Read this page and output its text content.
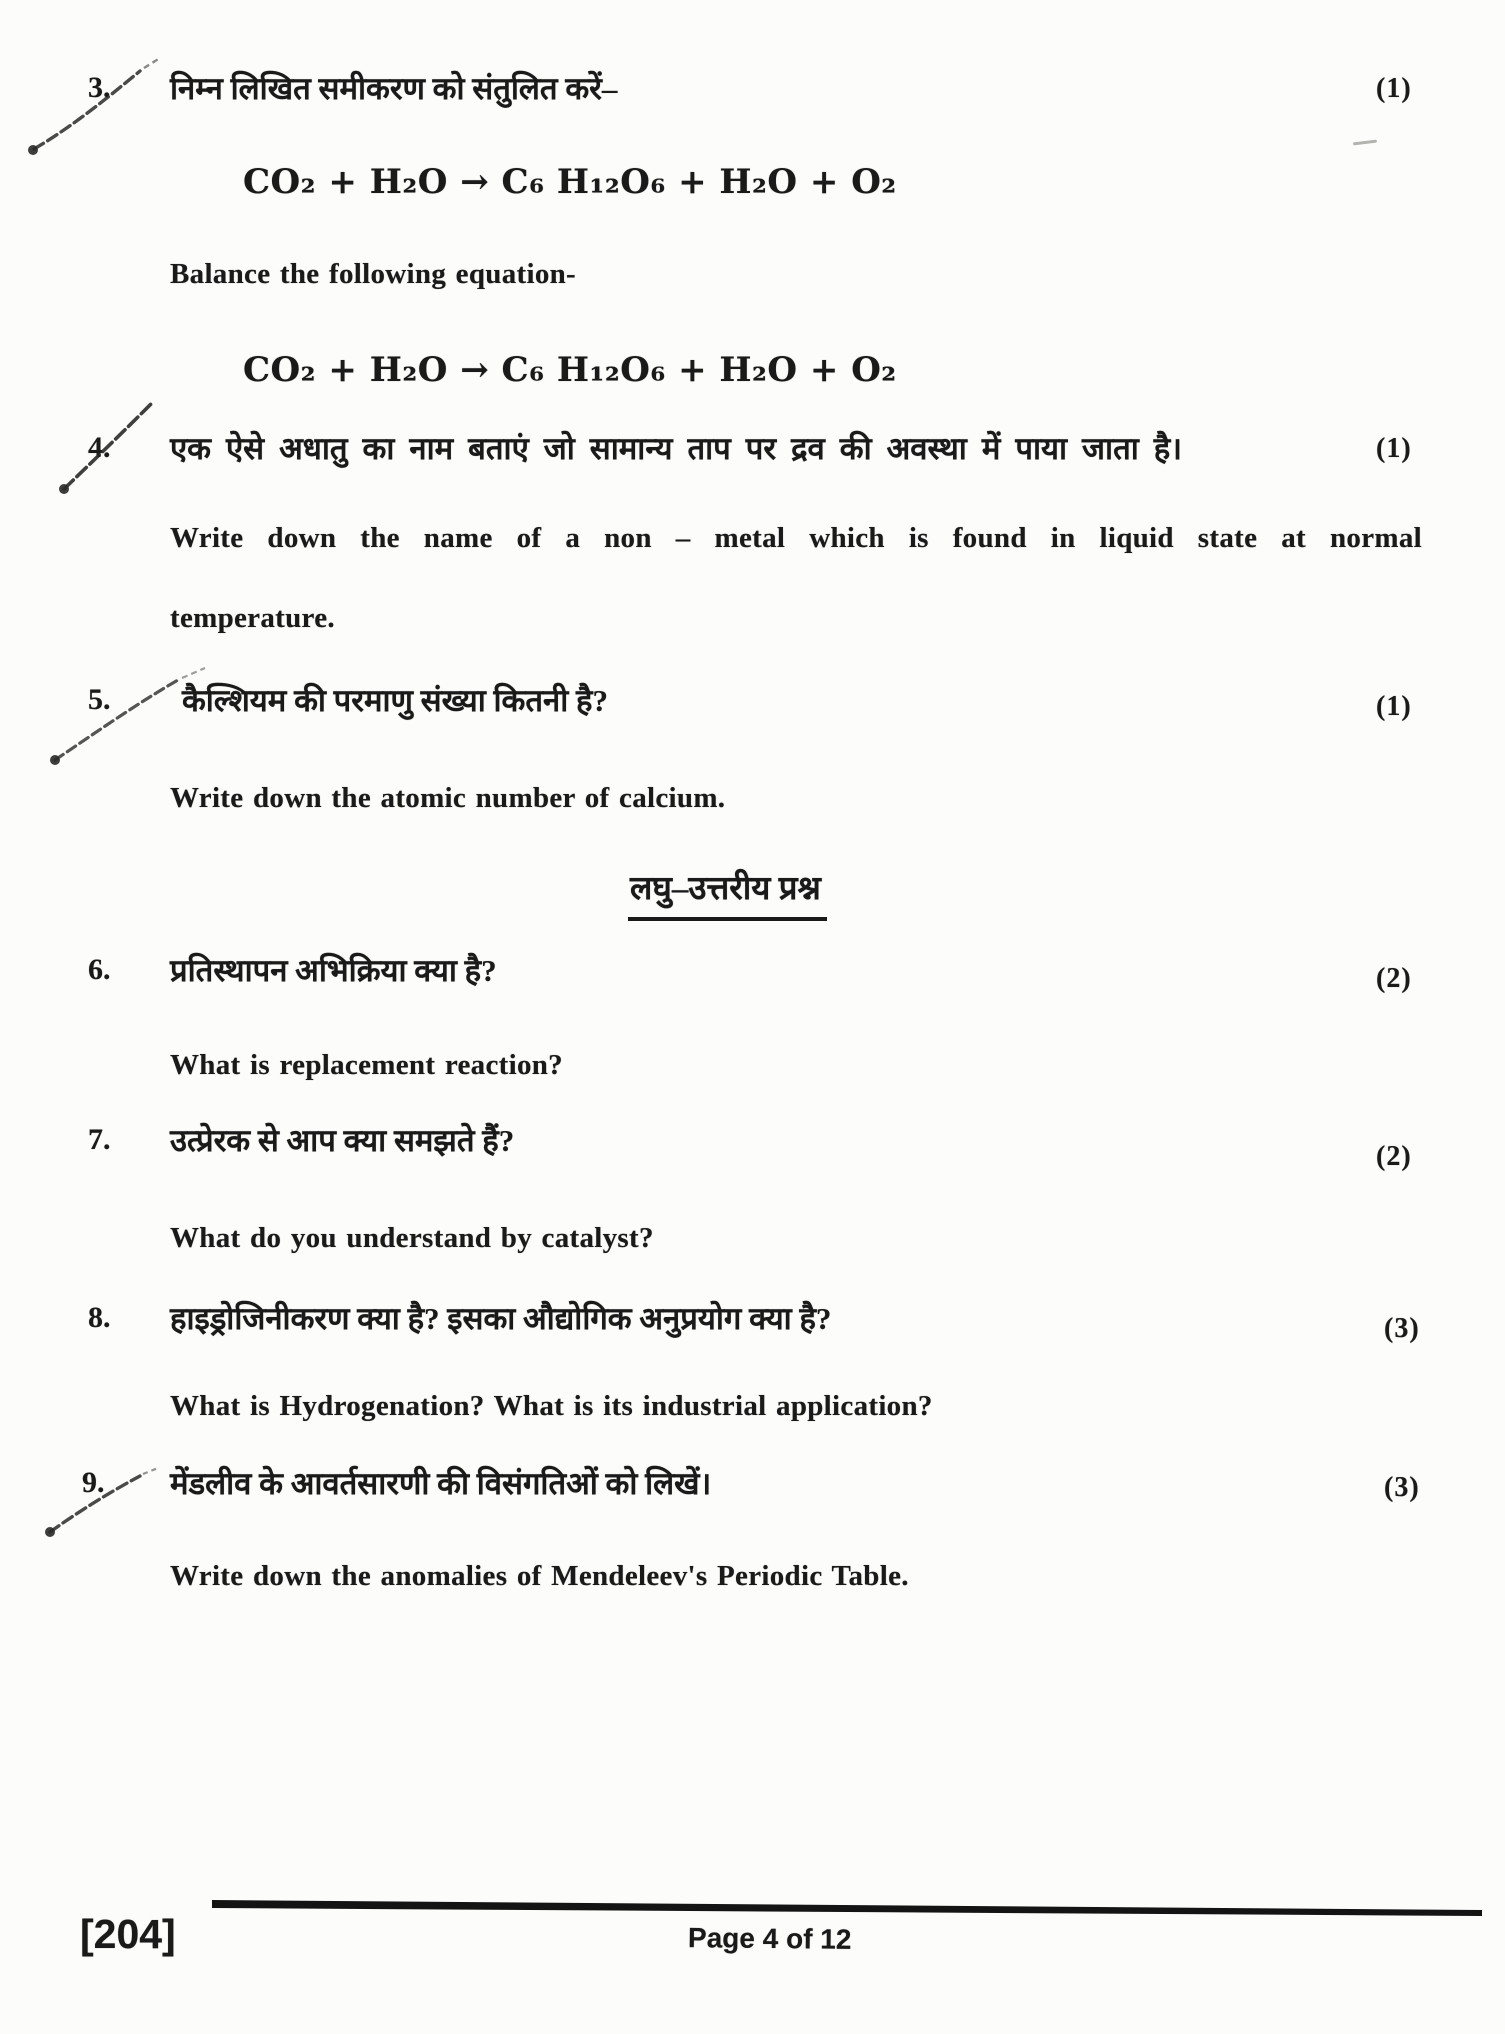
3. निम्न लिखित समीकरण को संतुलित करें–	(1)
CO₂ + H₂O → C₆ H₁₂O₆ + H₂O + O₂
Balance the following equation-
CO₂ + H₂O → C₆ H₁₂O₆ + H₂O + O₂
4. एक ऐसे अधातु का नाम बताएं जो सामान्य ताप पर द्रव की अवस्था में पाया जाता है।	(1)
Write down the name of a non – metal which is found in liquid state at normal
temperature.
5. कैल्शियम की परमाणु संख्या कितनी है?	(1)
Write down the atomic number of calcium.
लघु–उत्तरीय प्रश्न
6. प्रतिस्थापन अभिक्रिया क्या है?	(2)
What is replacement reaction?
7. उत्प्रेरक से आप क्या समझते हैं?	(2)
What do you understand by catalyst?
8. हाइड्रोजिनीकरण क्या है? इसका औद्योगिक अनुप्रयोग क्या है?	(3)
What is Hydrogenation? What is its industrial application?
9. मेंडलीव के आवर्तसारणी की विसंगतिओं को लिखें।	(3)
Write down the anomalies of Mendeleev's Periodic Table.
[204]	Page 4 of 12
